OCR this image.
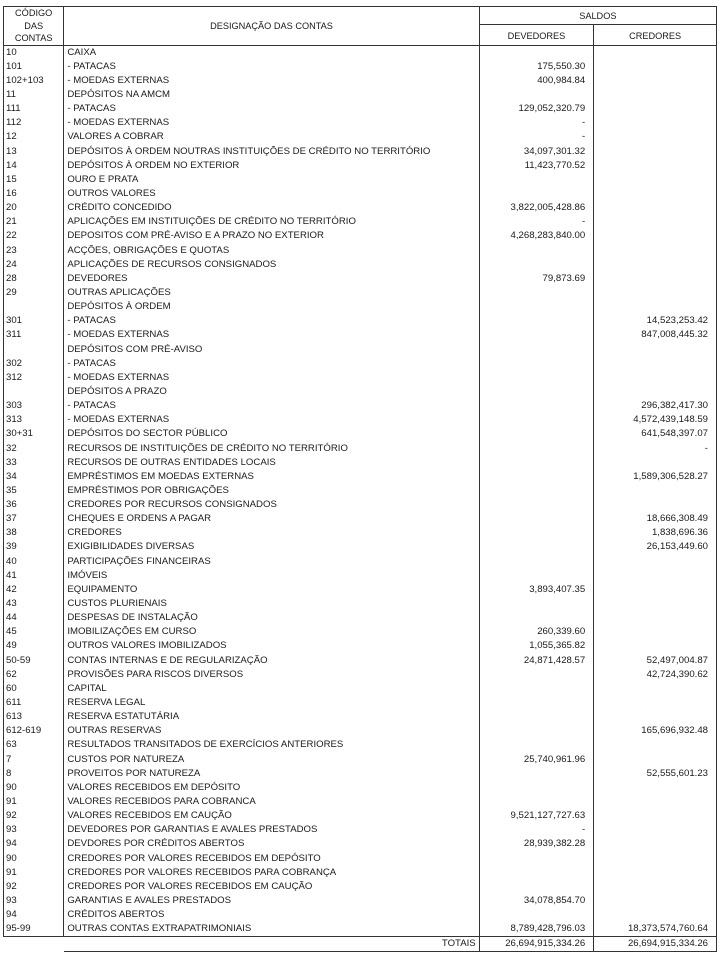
CÓDIGO
DAS
CONTAS	DESIGNAÇÃO DAS CONTAS	SALDOS	
		DEVEDORES	CREDORES
10	CAIXA		
101	- PATACAS	175,550.30	
102+103	- MOEDAS EXTERNAS	400,984.84	
11	DEPÓSITOS NA AMCM		
111	- PATACAS	129,052,320.79	
112	- MOEDAS EXTERNAS	-	
12	VALORES A COBRAR	-	
13	DEPÓSITOS À ORDEM NOUTRAS INSTITUIÇÕES DE CRÉDITO NO TERRITÓRIO	34,097,301.32	
14	DEPÓSITOS À ORDEM NO EXTERIOR	11,423,770.52	
15	OURO E PRATA		
16	OUTROS VALORES		
20	CRÉDITO CONCEDIDO	3,822,005,428.86	
21	APLICAÇÕES EM INSTITUIÇÕES DE CRÉDITO NO TERRITÓRIO	-	
22	DEPOSITOS COM PRÉ-AVISO E A PRAZO NO EXTERIOR	4,268,283,840.00	
23	ACÇÕES, OBRIGAÇÕES E QUOTAS		
24	APLICAÇÕES DE RECURSOS CONSIGNADOS		
28	DEVEDORES	79,873.69	
29	OUTRAS APLICAÇÕES		
	DEPÓSITOS À ORDEM		
301	- PATACAS		14,523,253.42
311	- MOEDAS EXTERNAS		847,008,445.32
	DEPÓSITOS COM PRÉ-AVISO		
302	- PATACAS		
312	- MOEDAS EXTERNAS		
	DEPÓSITOS A PRAZO		
303	- PATACAS		296,382,417.30
313	- MOEDAS EXTERNAS		4,572,439,148.59
30+31	DEPÓSITOS DO SECTOR PÚBLICO		641,548,397.07
32	RECURSOS DE INSTITUIÇÕES DE CRÉDITO NO TERRITÓRIO		-
33	RECURSOS DE OUTRAS ENTIDADES LOCAIS		
34	EMPRÉSTIMOS EM MOEDAS EXTERNAS		1,589,306,528.27
35	EMPRÉSTIMOS POR OBRIGAÇÕES		
36	CREDORES POR RECURSOS CONSIGNADOS		
37	CHEQUES E ORDENS A PAGAR		18,666,308.49
38	CREDORES		1,838,696.36
39	EXIGIBILIDADES DIVERSAS		26,153,449.60
40	PARTICIPAÇÕES FINANCEIRAS		
41	IMÓVEIS		
42	EQUIPAMENTO	3,893,407.35	
43	CUSTOS PLURIENAIS		
44	DESPESAS DE INSTALAÇÃO		
45	IMOBILIZAÇÕES EM CURSO	260,339.60	
49	OUTROS VALORES IMOBILIZADOS	1,055,365.82	
50-59	CONTAS INTERNAS E DE REGULARIZAÇÃO	24,871,428.57	52,497,004.87
62	PROVISÕES PARA RISCOS DIVERSOS		42,724,390.62
60	CAPITAL		
611	RESERVA LEGAL		
613	RESERVA ESTATUTÁRIA		
612-619	OUTRAS RESERVAS		165,696,932.48
63	RESULTADOS TRANSITADOS DE EXERCÍCIOS ANTERIORES		
7	CUSTOS POR NATUREZA	25,740,961.96	
8	PROVEITOS POR NATUREZA		52,555,601.23
90	VALORES RECEBIDOS EM DEPÓSITO		
91	VALORES RECEBIDOS PARA COBRANCA		
92	VALORES RECEBIDOS EM CAUÇÃO	9,521,127,727.63	
93	DEVEDORES POR GARANTIAS E AVALES PRESTADOS	-	
94	DEVDORES POR CRÉDITOS ABERTOS	28,939,382.28	
90	CREDORES POR VALORES RECEBIDOS EM DEPÓSITO		
91	CREDORES POR VALORES RECEBIDOS PARA COBRANÇA		
92	CREDORES POR VALORES RECEBIDOS EM CAUÇÃO		
93	GARANTIAS E AVALES PRESTADOS	34,078,854.70	
94	CRÉDITOS ABERTOS		
95-99	OUTRAS CONTAS EXTRAPATRIMONIAIS	8,789,428,796.03	18,373,574,760.64
	TOTAIS	26,694,915,334.26	26,694,915,334.26
